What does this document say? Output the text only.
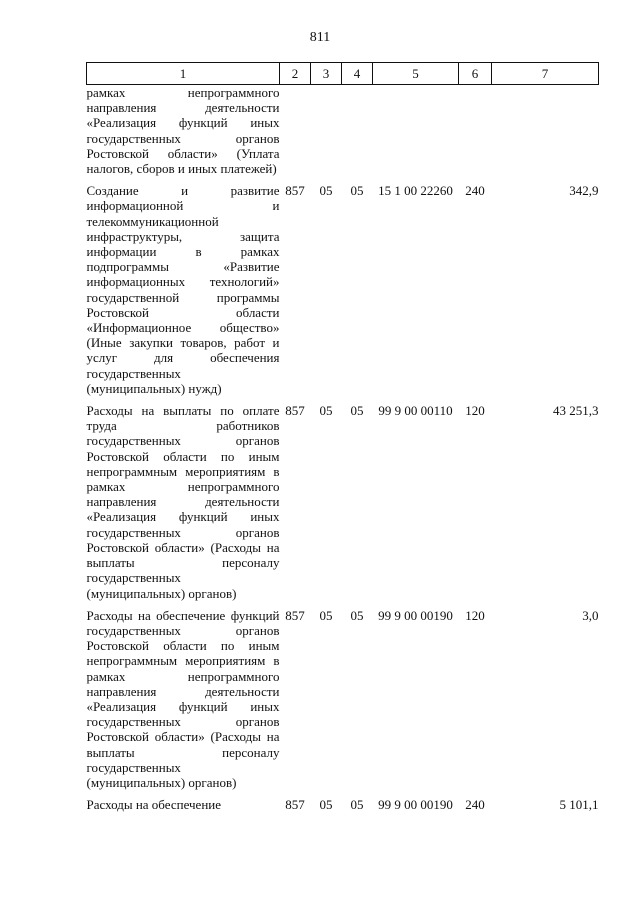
811
1	2	3	4	5	6	7
рамках непрограммного направления деятельности «Реализация функций иных государственных органов Ростовской области» (Уплата налогов, сборов и иных платежей)						
Создание и развитие информационной и телекоммуникационной инфраструктуры, защита информации в рамках подпрограммы «Развитие информационных технологий» государственной программы Ростовской области «Информационное общество» (Иные закупки товаров, работ и услуг для обеспечения государственных (муниципальных) нужд)	857	05	05	15 1 00 22260	240	342,9
Расходы на выплаты по оплате труда работников государственных органов Ростовской области по иным непрограммным мероприятиям в рамках непрограммного направления деятельности «Реализация функций иных государственных органов Ростовской области» (Расходы на выплаты персоналу государственных (муниципальных) органов)	857	05	05	99 9 00 00110	120	43 251,3
Расходы на обеспечение функций государственных органов Ростовской области по иным непрограммным мероприятиям в рамках непрограммного направления деятельности «Реализация функций иных государственных органов Ростовской области» (Расходы на выплаты персоналу государственных (муниципальных) органов)	857	05	05	99 9 00 00190	120	3,0
Расходы на обеспечение	857	05	05	99 9 00 00190	240	5 101,1
